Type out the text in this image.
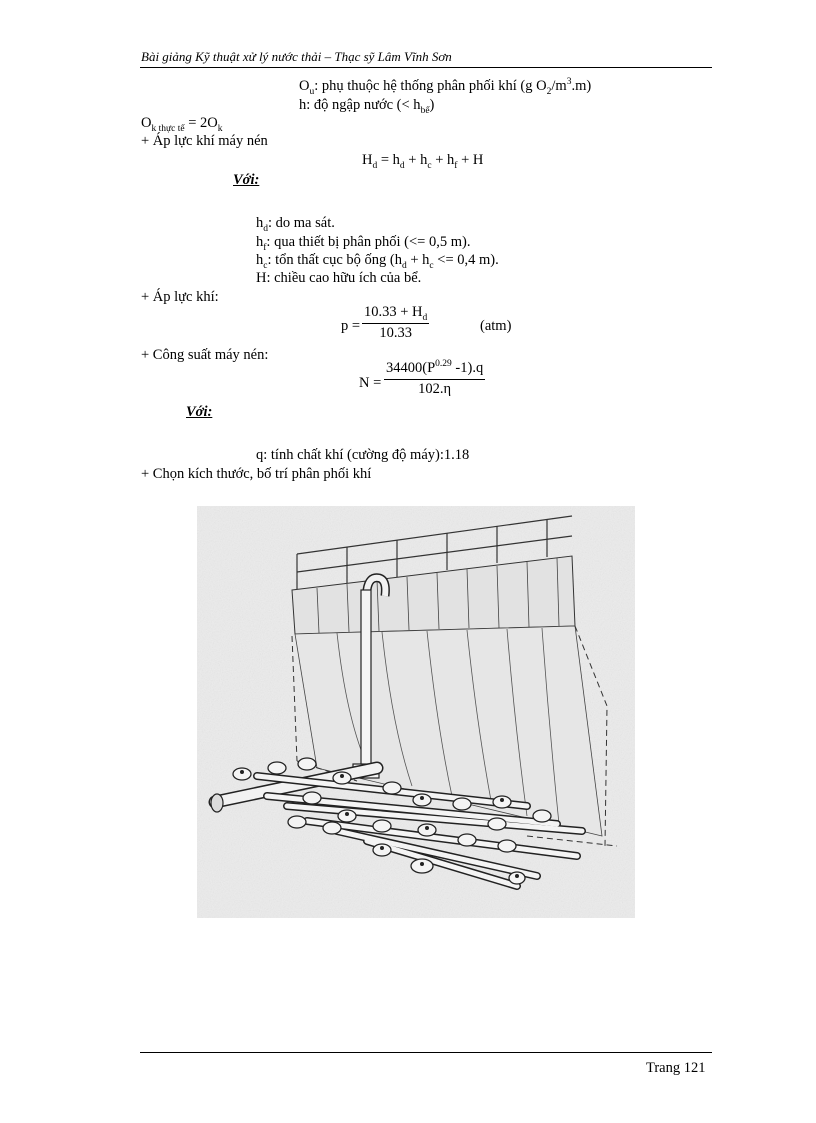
Bài giảng Kỹ thuật xử lý nước thải – Thạc sỹ Lâm Vĩnh Sơn
$O_u$: phụ thuộc hệ thống phân phối khí (g $O_2/m^3.m$)
h: độ ngập nước (< $h_{bể}$)
$O_{k thực tế} = 2O_k$
+ Áp lực khí máy nén
$H_d = h_d + h_c + h_f + H$
Với:
$h_d$: do ma sát.
$h_f$: qua thiết bị phân phối (<= 0,5 m).
$h_c$: tổn thất cục bộ ống ($h_d + h_c <= 0,4$ m).
H: chiều cao hữu ích của bể.
+ Áp lực khí:
$p = \frac{10.33 + H_d}{10.33}$	(atm)
+ Công suất máy nén:
$N = \frac{34400(P^{0.29} -1).q}{102.\eta}$
Với:
q: tính chất khí (cường độ máy):1.18
+ Chọn kích thước, bố trí phân phối khí
Trang 121
